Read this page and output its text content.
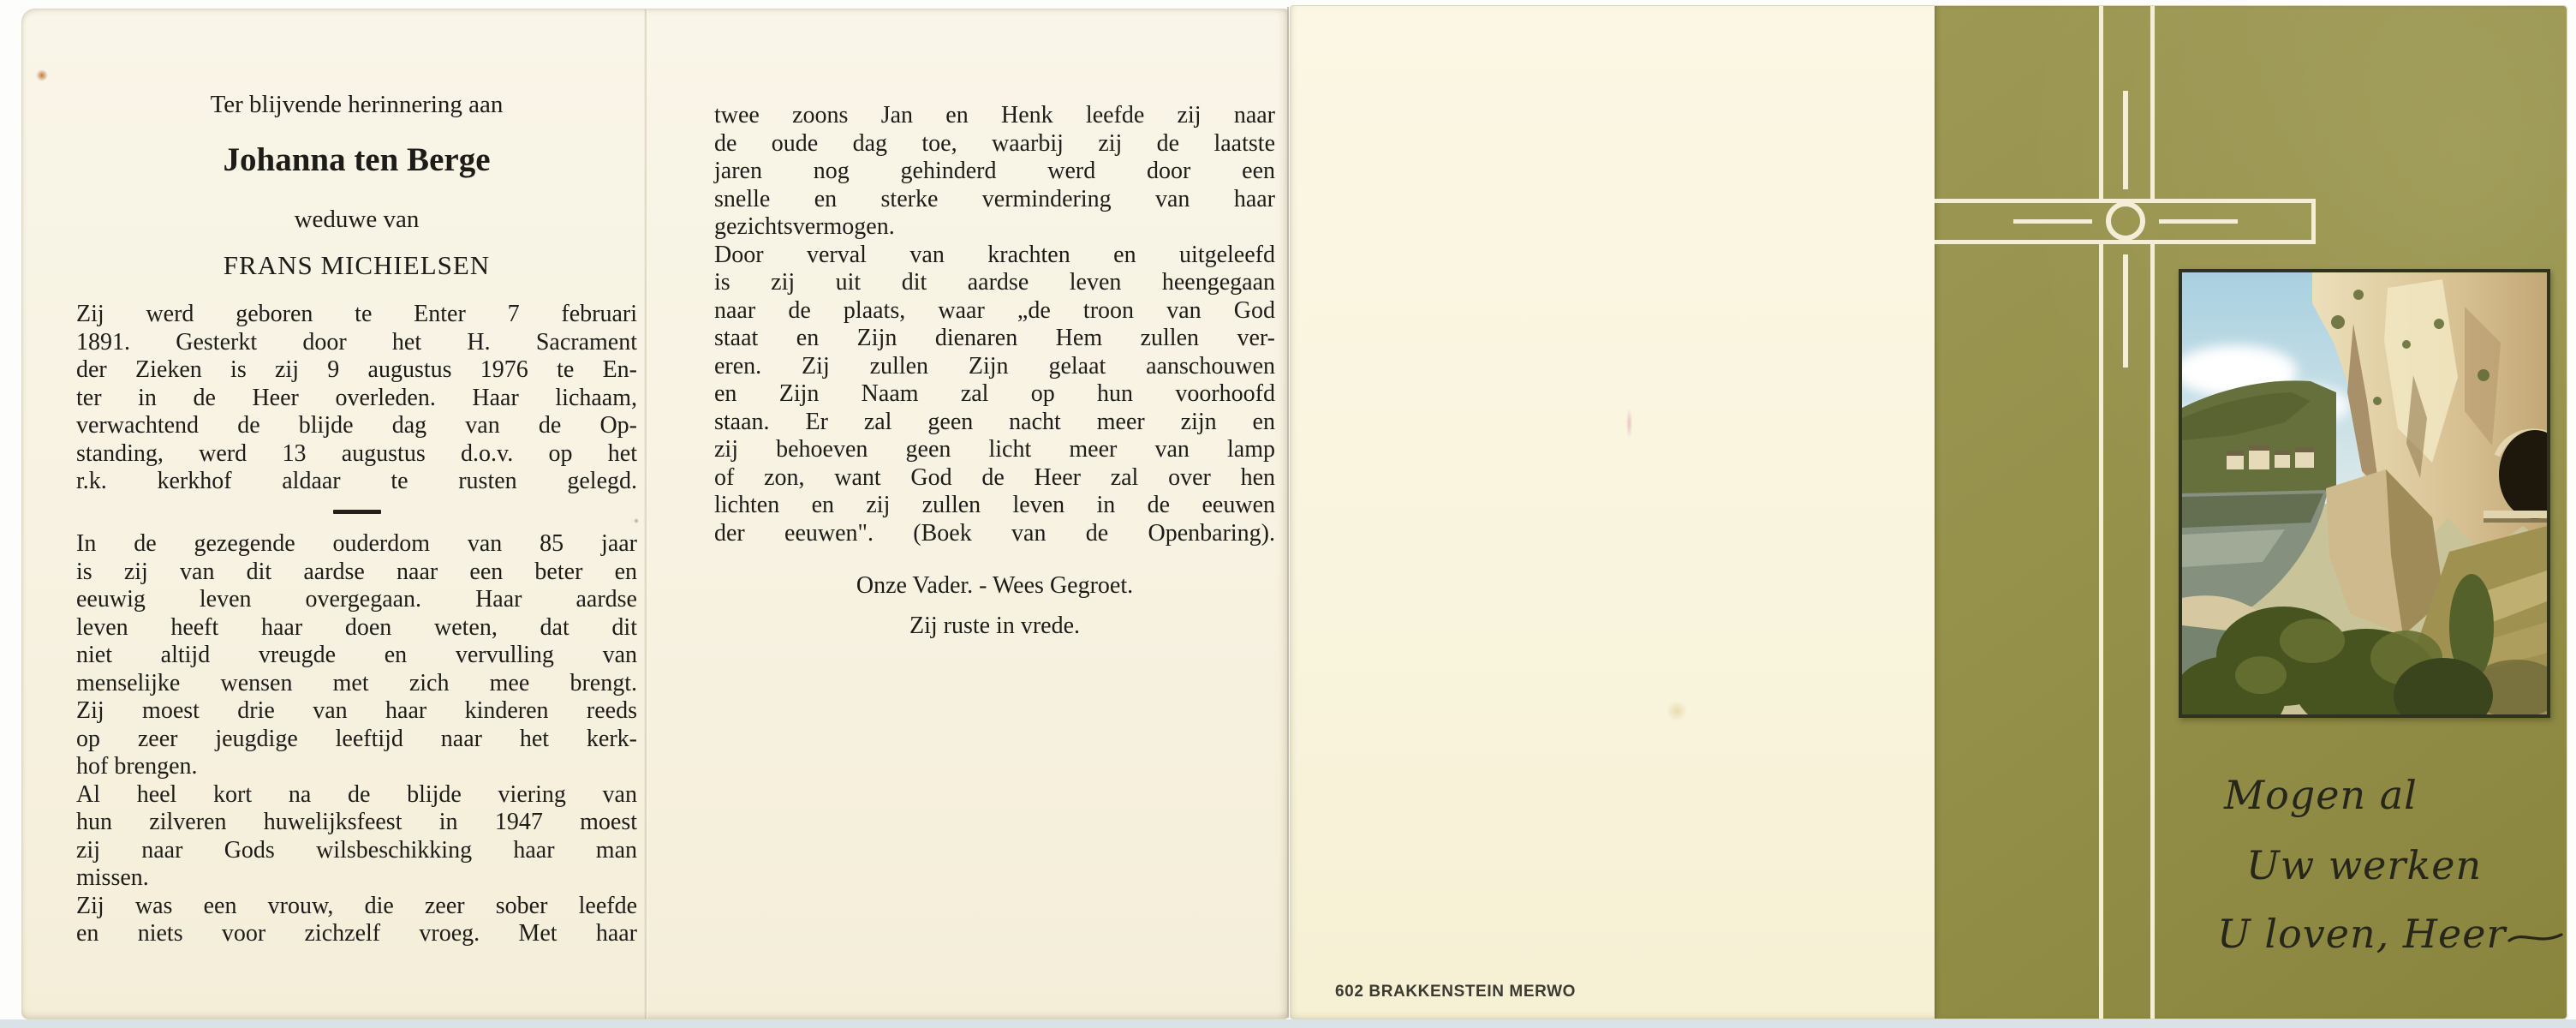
Ter blijvende herinnering aan
Johanna ten Berge
weduwe van
FRANS MICHIELSEN
Zij werd geboren te Enter 7 februari
1891. Gesterkt door het H. Sacrament
der Zieken is zij 9 augustus 1976 te En-
ter in de Heer overleden. Haar lichaam,
verwachtend de blijde dag van de Op-
standing, werd 13 augustus d.o.v. op het
r.k. kerkhof aldaar te rusten gelegd.
In de gezegende ouderdom van 85 jaar
is zij van dit aardse naar een beter en
eeuwig leven overgegaan. Haar aardse
leven heeft haar doen weten, dat dit
niet altijd vreugde en vervulling van
menselijke wensen met zich mee brengt.
Zij moest drie van haar kinderen reeds
op zeer jeugdige leeftijd naar het kerk-
hof brengen.
Al heel kort na de blijde viering van
hun zilveren huwelijksfeest in 1947 moest
zij naar Gods wilsbeschikking haar man
missen.
Zij was een vrouw, die zeer sober leefde
en niets voor zichzelf vroeg. Met haar
twee zoons Jan en Henk leefde zij naar
de oude dag toe, waarbij zij de laatste
jaren nog gehinderd werd door een
snelle en sterke vermindering van haar
gezichtsvermogen.
Door verval van krachten en uitgeleefd
is zij uit dit aardse leven heengegaan
naar de plaats, waar „de troon van God
staat en Zijn dienaren Hem zullen ver-
eren. Zij zullen Zijn gelaat aanschouwen
en Zijn Naam zal op hun voorhoofd
staan. Er zal geen nacht meer zijn en
zij behoeven geen licht meer van lamp
of zon, want God de Heer zal over hen
lichten en zij zullen leven in de eeuwen
der eeuwen". (Boek van de Openbaring).
Onze Vader. - Wees Gegroet.
Zij ruste in vrede.
602 BRAKKENSTEIN MERWO
Mogen al
Uw werken
U loven, Heer
